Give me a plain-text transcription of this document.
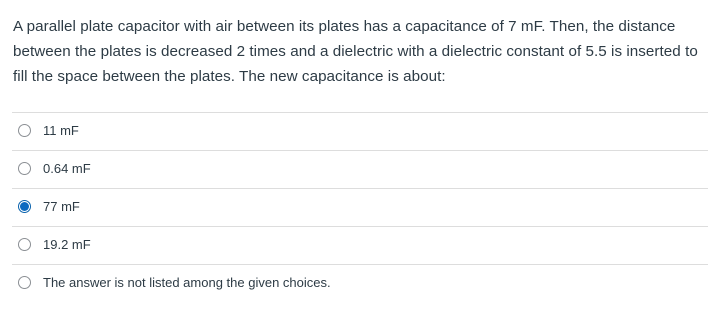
A parallel plate capacitor with air between its plates has a capacitance of 7 mF. Then, the distance between the plates is decreased 2 times and a dielectric with a dielectric constant of 5.5 is inserted to fill the space between the plates. The new capacitance is about:
11 mF
0.64 mF
77 mF
19.2 mF
The answer is not listed among the given choices.
